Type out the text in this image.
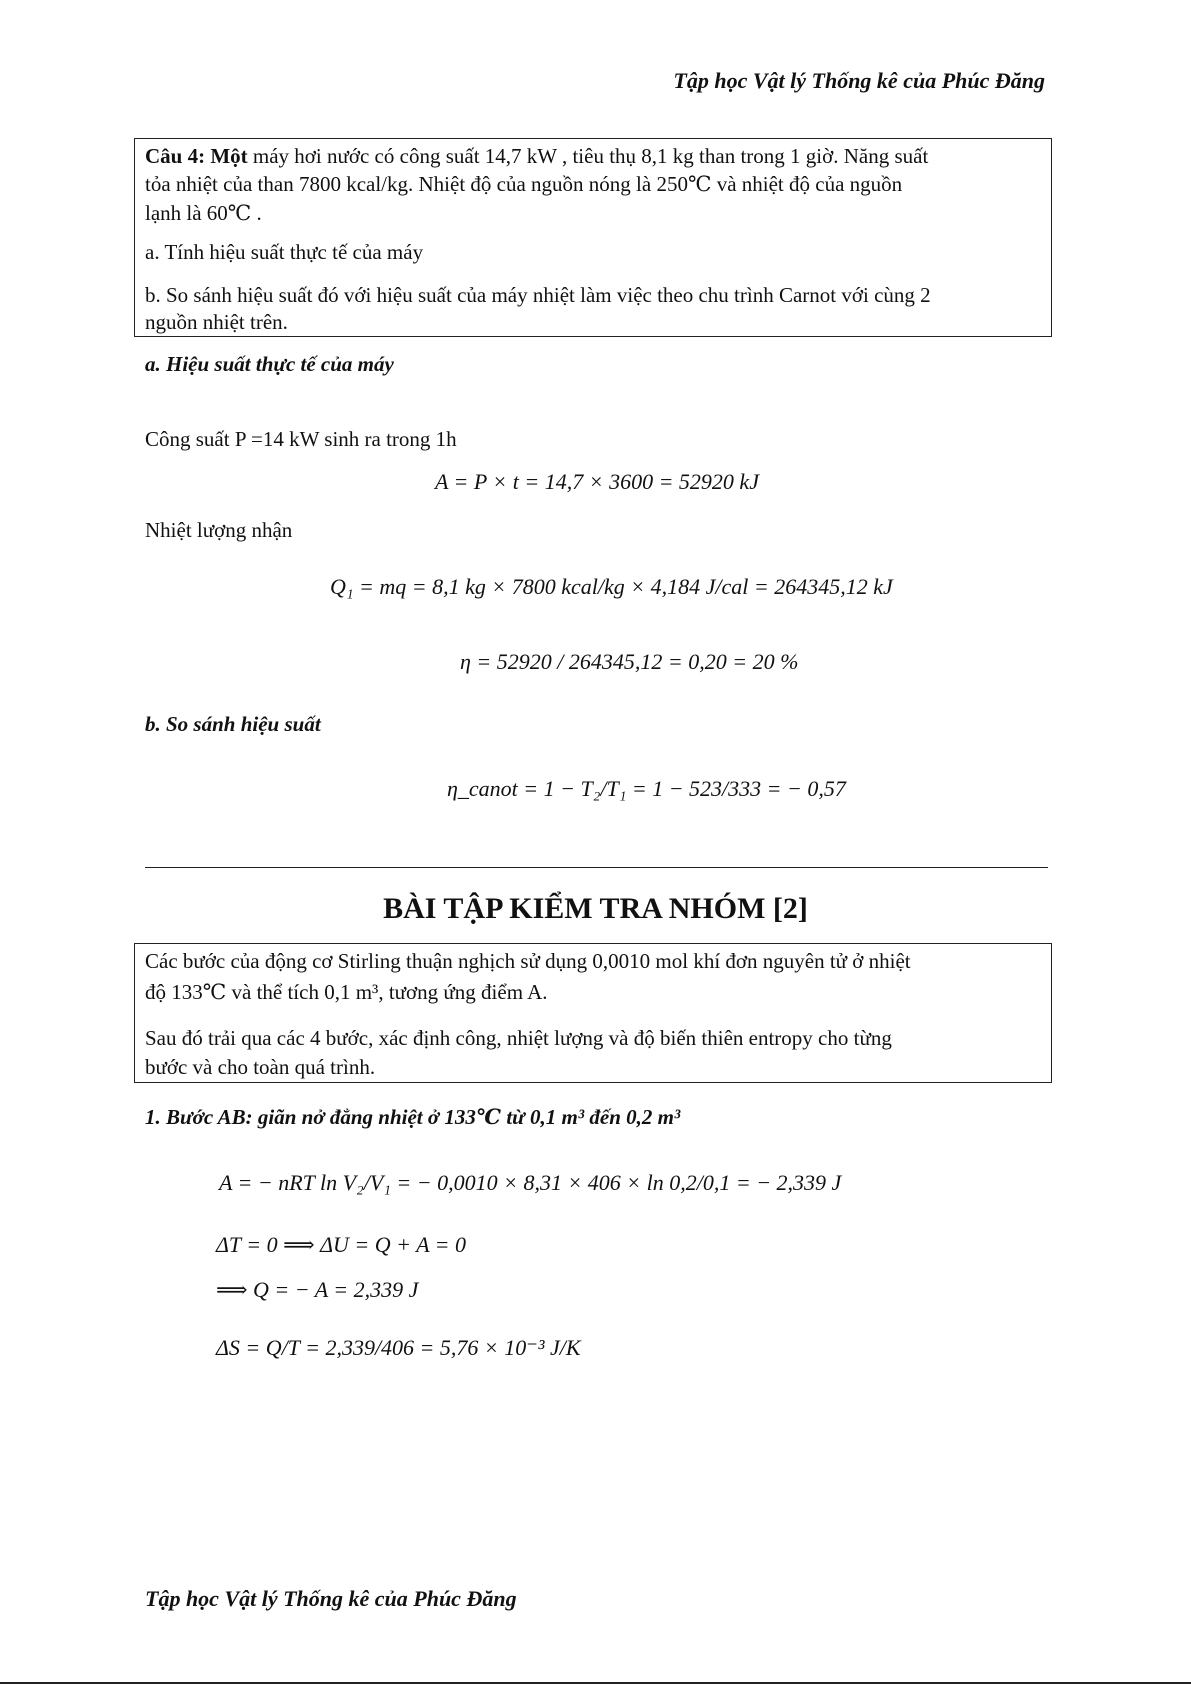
Tập học Vật lý Thống kê của Phúc Đăng
Câu 4: Một máy hơi nước có công suất 14,7 kW , tiêu thụ 8,1 kg than trong 1 giờ. Năng suất
tỏa nhiệt của than 7800 kcal/kg. Nhiệt độ của nguồn nóng là 250℃ và nhiệt độ của nguồn
lạnh là 60℃ .
a. Tính hiệu suất thực tế của máy
b. So sánh hiệu suất đó với hiệu suất của máy nhiệt làm việc theo chu trình Carnot với cùng 2
nguồn nhiệt trên.
a. Hiệu suất thực tế của máy
Công suất P =14 kW sinh ra trong 1h
A = P × t = 14,7 × 3600 = 52920 kJ
Nhiệt lượng nhận
Q₁ = mq = 8,1 kg × 7800 kcal/kg × 4,184 J/cal = 264345,12 kJ
η = 52920 / 264345,12 = 0,20 = 20 %
b. So sánh hiệu suất
η_canot = 1 − T₂/T₁ = 1 − 523/333 = − 0,57
BÀI TẬP KIỂM TRA NHÓM [2]
Các bước của động cơ Stirling thuận nghịch sử dụng 0,0010 mol khí đơn nguyên tử ở nhiệt
độ 133℃ và thể tích 0,1 m³, tương ứng điểm A.
Sau đó trải qua các 4 bước, xác định công, nhiệt lượng và độ biến thiên entropy cho từng
bước và cho toàn quá trình.
1. Bước AB: giãn nở đẳng nhiệt ở 133℃ từ 0,1 m³ đến 0,2 m³
A = − nRT ln V₂/V₁ = − 0,0010 × 8,31 × 406 × ln 0,2/0,1 = − 2,339 J
ΔT = 0 ⟹ ΔU = Q + A = 0
⟹ Q = − A = 2,339 J
ΔS = Q/T = 2,339/406 = 5,76 × 10⁻³ J/K
Tập học Vật lý Thống kê của Phúc Đăng
